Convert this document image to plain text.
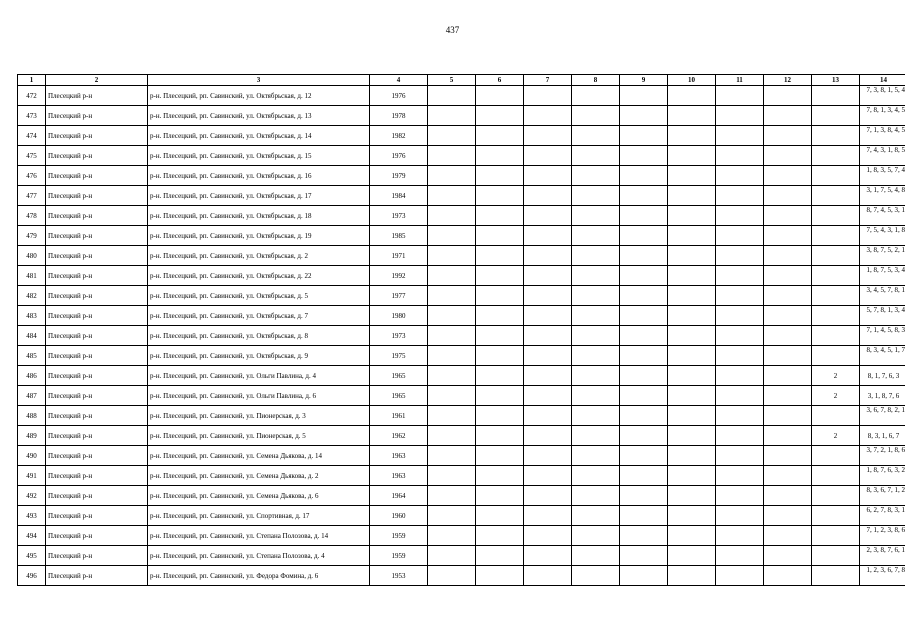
437
1	2	3	4	5	6	7	8	9	10	11	12	13	14
472	Плесецкий р-н	р-н. Плесецкий, рп. Савинский, ул. Октябрьская, д. 12	1976										7, 3, 8, 1, 5, 4
473	Плесецкий р-н	р-н. Плесецкий, рп. Савинский, ул. Октябрьская, д. 13	1978										7, 8, 1, 3, 4, 5
474	Плесецкий р-н	р-н. Плесецкий, рп. Савинский, ул. Октябрьская, д. 14	1982										7, 1, 3, 8, 4, 5
475	Плесецкий р-н	р-н. Плесецкий, рп. Савинский, ул. Октябрьская, д. 15	1976										7, 4, 3, 1, 8, 5
476	Плесецкий р-н	р-н. Плесецкий, рп. Савинский, ул. Октябрьская, д. 16	1979										1, 8, 3, 5, 7, 4
477	Плесецкий р-н	р-н. Плесецкий, рп. Савинский, ул. Октябрьская, д. 17	1984										3, 1, 7, 5, 4, 8
478	Плесецкий р-н	р-н. Плесецкий, рп. Савинский, ул. Октябрьская, д. 18	1973										8, 7, 4, 5, 3, 1
479	Плесецкий р-н	р-н. Плесецкий, рп. Савинский, ул. Октябрьская, д. 19	1985										7, 5, 4, 3, 1, 8
480	Плесецкий р-н	р-н. Плесецкий, рп. Савинский, ул. Октябрьская, д. 2	1971										3, 8, 7, 5, 2, 1
481	Плесецкий р-н	р-н. Плесецкий, рп. Савинский, ул. Октябрьская, д. 22	1992										1, 8, 7, 5, 3, 4
482	Плесецкий р-н	р-н. Плесецкий, рп. Савинский, ул. Октябрьская, д. 5	1977										3, 4, 5, 7, 8, 1
483	Плесецкий р-н	р-н. Плесецкий, рп. Савинский, ул. Октябрьская, д. 7	1980										5, 7, 8, 1, 3, 4
484	Плесецкий р-н	р-н. Плесецкий, рп. Савинский, ул. Октябрьская, д. 8	1973										7, 1, 4, 5, 8, 3
485	Плесецкий р-н	р-н. Плесецкий, рп. Савинский, ул. Октябрьская, д. 9	1975										8, 3, 4, 5, 1, 7
486	Плесецкий р-н	р-н. Плесецкий, рп. Савинский, ул. Ольги Павлина, д. 4	1965									2	8, 1, 7, 6, 3
487	Плесецкий р-н	р-н. Плесецкий, рп. Савинский, ул. Ольги Павлина, д. 6	1965									2	3, 1, 8, 7, 6
488	Плесецкий р-н	р-н. Плесецкий, рп. Савинский, ул. Пионерская, д. 3	1961										3, 6, 7, 8, 2, 1
489	Плесецкий р-н	р-н. Плесецкий, рп. Савинский, ул. Пионерская, д. 5	1962									2	8, 3, 1, 6, 7
490	Плесецкий р-н	р-н. Плесецкий, рп. Савинский, ул. Семена Дьякова, д. 14	1963										3, 7, 2, 1, 8, 6
491	Плесецкий р-н	р-н. Плесецкий, рп. Савинский, ул. Семена Дьякова, д. 2	1963										1, 8, 7, 6, 3, 2
492	Плесецкий р-н	р-н. Плесецкий, рп. Савинский, ул. Семена Дьякова, д. 6	1964										8, 3, 6, 7, 1, 2
493	Плесецкий р-н	р-н. Плесецкий, рп. Савинский, ул. Спортивная, д. 17	1960										6, 2, 7, 8, 3, 1
494	Плесецкий р-н	р-н. Плесецкий, рп. Савинский, ул. Степана Полозова, д. 14	1959										7, 1, 2, 3, 8, 6
495	Плесецкий р-н	р-н. Плесецкий, рп. Савинский, ул. Степана Полозова, д. 4	1959										2, 3, 8, 7, 6, 1
496	Плесецкий р-н	р-н. Плесецкий, рп. Савинский, ул. Федора Фомина, д. 6	1953										1, 2, 3, 6, 7, 8
